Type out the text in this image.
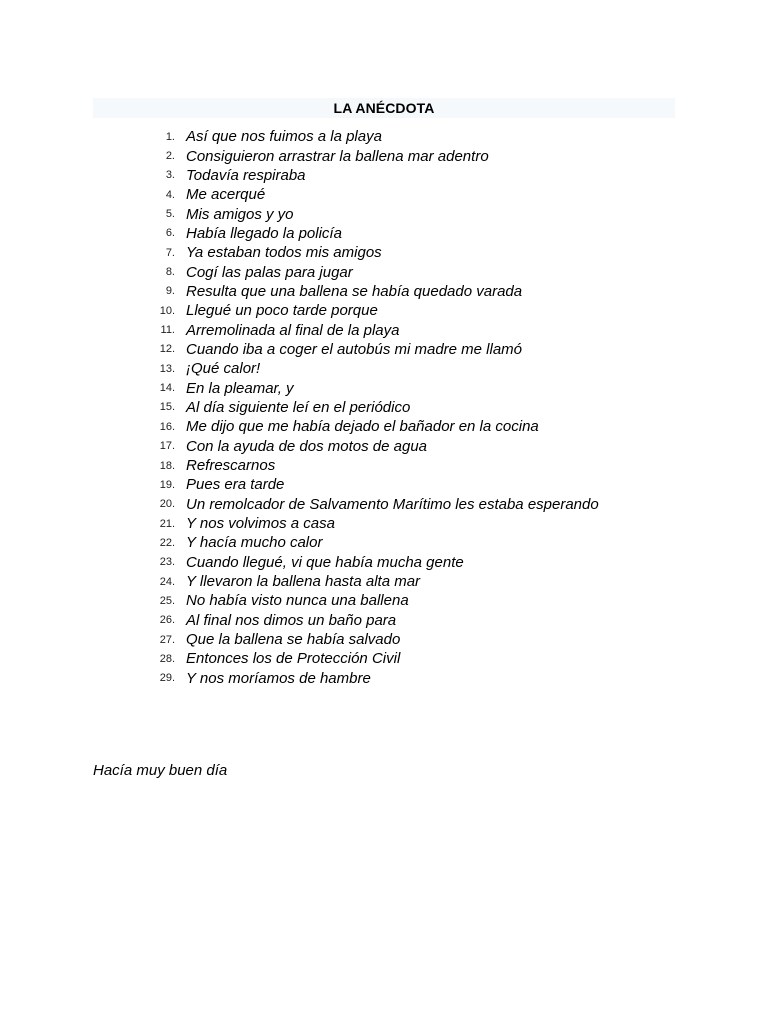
LA ANÉCDOTA
1. Así que nos fuimos a la playa
2. Consiguieron arrastrar la ballena mar adentro
3. Todavía respiraba
4. Me acerqué
5. Mis amigos y yo
6. Había llegado la policía
7. Ya estaban todos mis amigos
8. Cogí las palas para jugar
9. Resulta que una ballena se había quedado varada
10. Llegué un poco tarde porque
11. Arremolinada al final de la playa
12. Cuando iba a coger el autobús mi madre me llamó
13. ¡Qué calor!
14. En la pleamar, y
15. Al día siguiente leí en el periódico
16. Me dijo que me había dejado el bañador en la cocina
17. Con la ayuda de dos motos de agua
18. Refrescarnos
19. Pues era tarde
20. Un remolcador de Salvamento Marítimo les estaba esperando
21. Y nos volvimos a casa
22. Y hacía mucho calor
23. Cuando llegué, vi que había mucha gente
24. Y llevaron la ballena hasta alta mar
25. No había visto nunca una ballena
26. Al final nos dimos un baño para
27. Que la ballena se había salvado
28. Entonces los de Protección Civil
29. Y nos moríamos de hambre
Hacía muy buen día
